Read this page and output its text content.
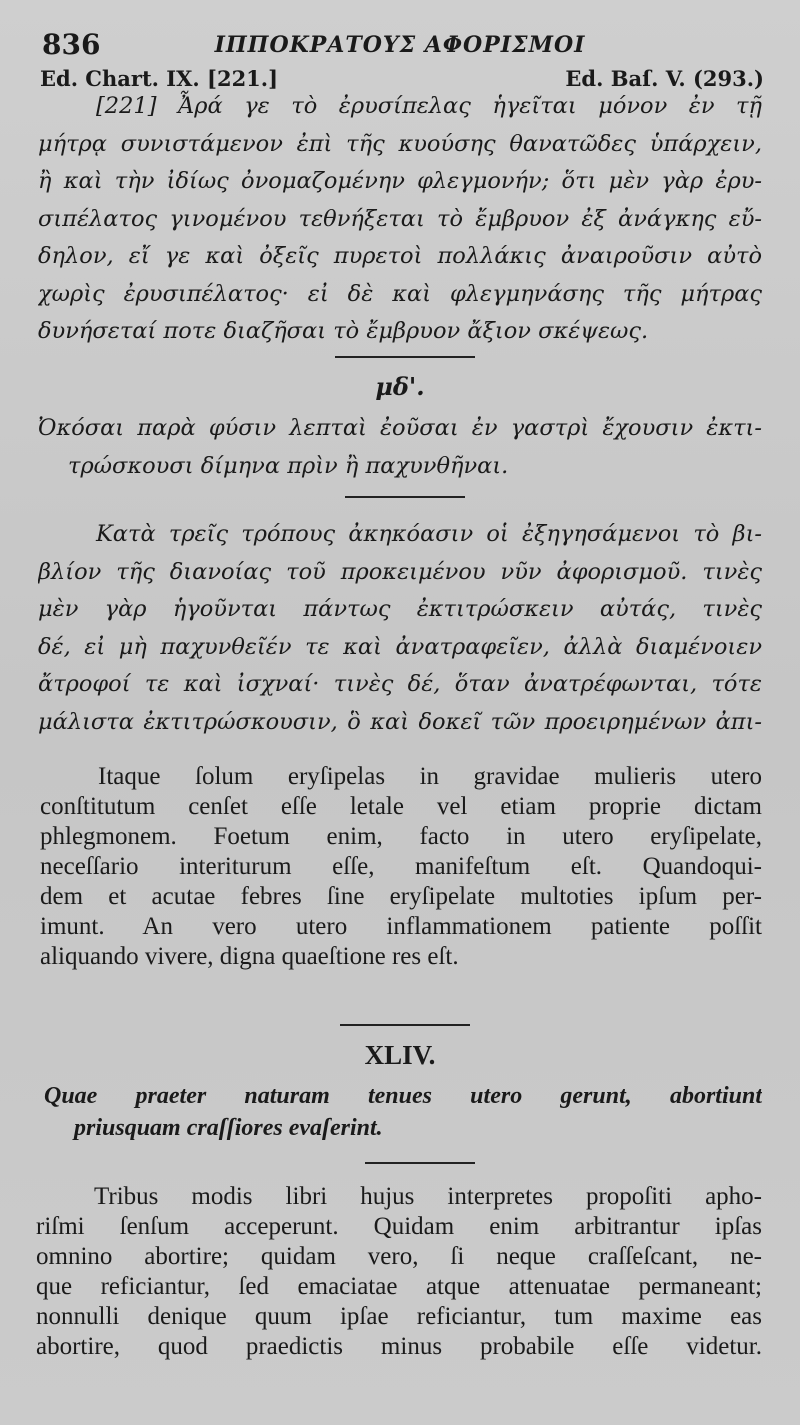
836	ΙΠΠΟΚΡΑΤΟΥΣ ΑΦΟΡΙΣΜΟΙ
Ed. Chart. IX. [221.]	Ed. Baſ. V. (293.)
[221] Ἆρά γε τὸ ἐρυσίπελας ἡγεῖται μόνον ἐν τῇ
μήτρᾳ συνιστάμενον ἐπὶ τῆς κυούσης θανατῶδες ὑπάρχειν,
ἢ καὶ τὴν ἰδίως ὀνομαζομένην φλεγμονήν; ὅτι μὲν γὰρ ἐρυ-
σιπέλατος γινομένου τεθνήξεται τὸ ἔμβρυον ἐξ ἀνάγκης εὔ-
δηλον, εἴ γε καὶ ὀξεῖς πυρετοὶ πολλάκις ἀναιροῦσιν αὐτὸ
χωρὶς ἐρυσιπέλατος· εἰ δὲ καὶ φλεγμηνάσης τῆς μήτρας
δυνήσεταί ποτε διαζῆσαι τὸ ἔμβρυον ἄξιον σκέψεως.
μδ'.
Ὀκόσαι παρὰ φύσιν λεπταὶ ἐοῦσαι ἐν γαστρὶ ἔχουσιν ἐκτι-
τρώσκουσι δίμηνα πρὶν ἢ παχυνθῆναι.
Κατὰ τρεῖς τρόπους ἀκηκόασιν οἱ ἐξηγησάμενοι τὸ βι-
βλίον τῆς διανοίας τοῦ προκειμένου νῦν ἀφορισμοῦ. τινὲς
μὲν γὰρ ἡγοῦνται πάντως ἐκτιτρώσκειν αὐτάς, τινὲς
δέ, εἰ μὴ παχυνθεῖέν τε καὶ ἀνατραφεῖεν, ἀλλὰ διαμένοιεν
ἄτροφοί τε καὶ ἰσχναί· τινὲς δέ, ὅταν ἀνατρέφωνται, τότε
μάλιστα ἐκτιτρώσκουσιν, ὃ καὶ δοκεῖ τῶν προειρημένων ἀπι-
Itaque ſolum eryſipelas in gravidae mulieris utero
conſtitutum cenſet eſſe letale vel etiam proprie dictam
phlegmonem. Foetum enim, facto in utero eryſipelate,
neceſſario interiturum eſſe, manifeſtum eſt. Quandoqui-
dem et acutae febres ſine eryſipelate multoties ipſum per-
imunt. An vero utero inflammationem patiente poſſit
aliquando vivere, digna quaeſtione res eſt.
XLIV.
Quae praeter naturam tenues utero gerunt, abortiunt
priusquam craſſiores evaſerint.
Tribus modis libri hujus interpretes propoſiti apho-
riſmi ſenſum acceperunt. Quidam enim arbitrantur ipſas
omnino abortire; quidam vero, ſi neque craſſeſcant, ne-
que reficiantur, ſed emaciatae atque attenuatae permaneant;
nonnulli denique quum ipſae reficiantur, tum maxime eas
abortire, quod praedictis minus probabile eſſe videtur.
